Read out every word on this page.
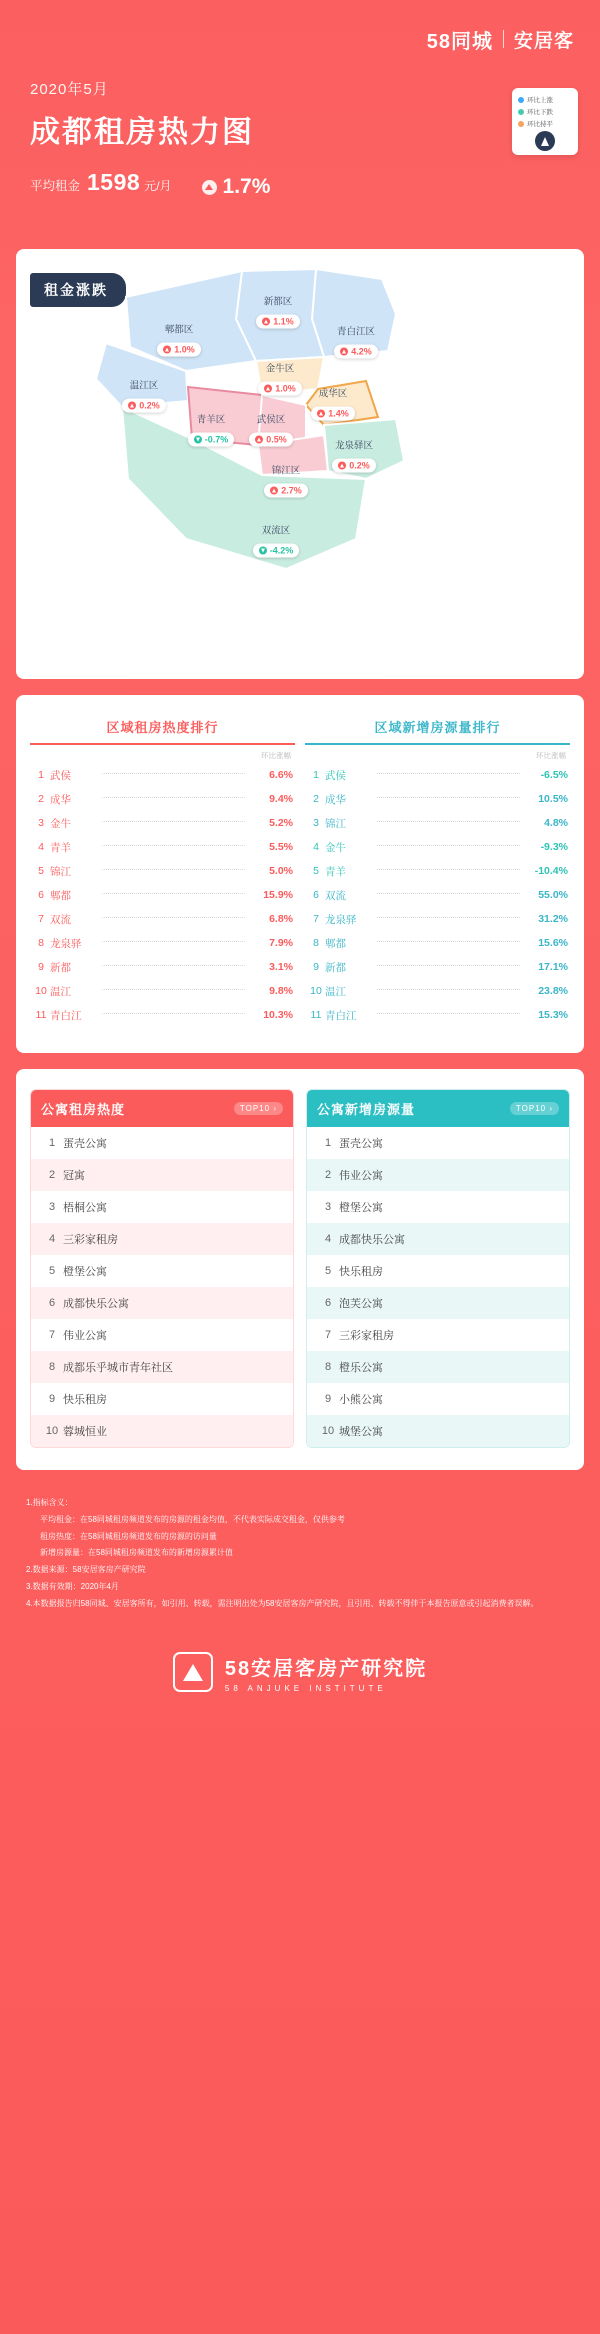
58同城 安居客
2020年5月
成都租房热力图
平均租金 1598 元/月 1.7%
环比上涨
环比下跌
环比持平
租金涨跌
郫都区
1.0%
新都区
1.1%
青白江区
4.2%
金牛区
1.0%
温江区
0.2%
成华区
1.4%
青羊区
-0.7%
武侯区
0.5%
龙泉驿区
0.2%
锦江区
2.7%
双流区
-4.2%
区域租房热度排行
环比涨幅
1 武侯	6.6%
2 成华	9.4%
3 金牛	5.2%
4 青羊	5.5%
5 锦江	5.0%
6 郫都	15.9%
7 双流	6.8%
8 龙泉驿	7.9%
9 新都	3.1%
10 温江	9.8%
11 青白江	10.3%
区域新增房源量排行
环比涨幅
1 武侯	-6.5%
2 成华	10.5%
3 锦江	4.8%
4 金牛	-9.3%
5 青羊	-10.4%
6 双流	55.0%
7 龙泉驿	31.2%
8 郫都	15.6%
9 新都	17.1%
10 温江	23.8%
11 青白江	15.3%
公寓租房热度	TOP10 ›
1 蛋壳公寓
2 冠寓
3 梧桐公寓
4 三彩家租房
5 橙堡公寓
6 成都快乐公寓
7 伟业公寓
8 成都乐乎城市青年社区
9 快乐租房
10 蓉城恒业
公寓新增房源量	TOP10 ›
1 蛋壳公寓
2 伟业公寓
3 橙堡公寓
4 成都快乐公寓
5 快乐租房
6 泡芙公寓
7 三彩家租房
8 橙乐公寓
9 小熊公寓
10 城堡公寓

1.指标含义：

平均租金：在58同城租房频道发布的房源的租金均值，不代表实际成交租金，仅供参考

租房热度：在58同城租房频道发布的房源的访问量

新增房源量：在58同城租房频道发布的新增房源累计值

2.数据来源：58安居客房产研究院

3.数据有效期：2020年4月

4.本数据报告归58同城、安居客所有，如引用、转载，需注明出处为58安居客房产研究院，且引用、转载不得伴于本报告原意或引起消费者误解。

58安居客房产研究院
58 ANJUKE INSTITUTE
